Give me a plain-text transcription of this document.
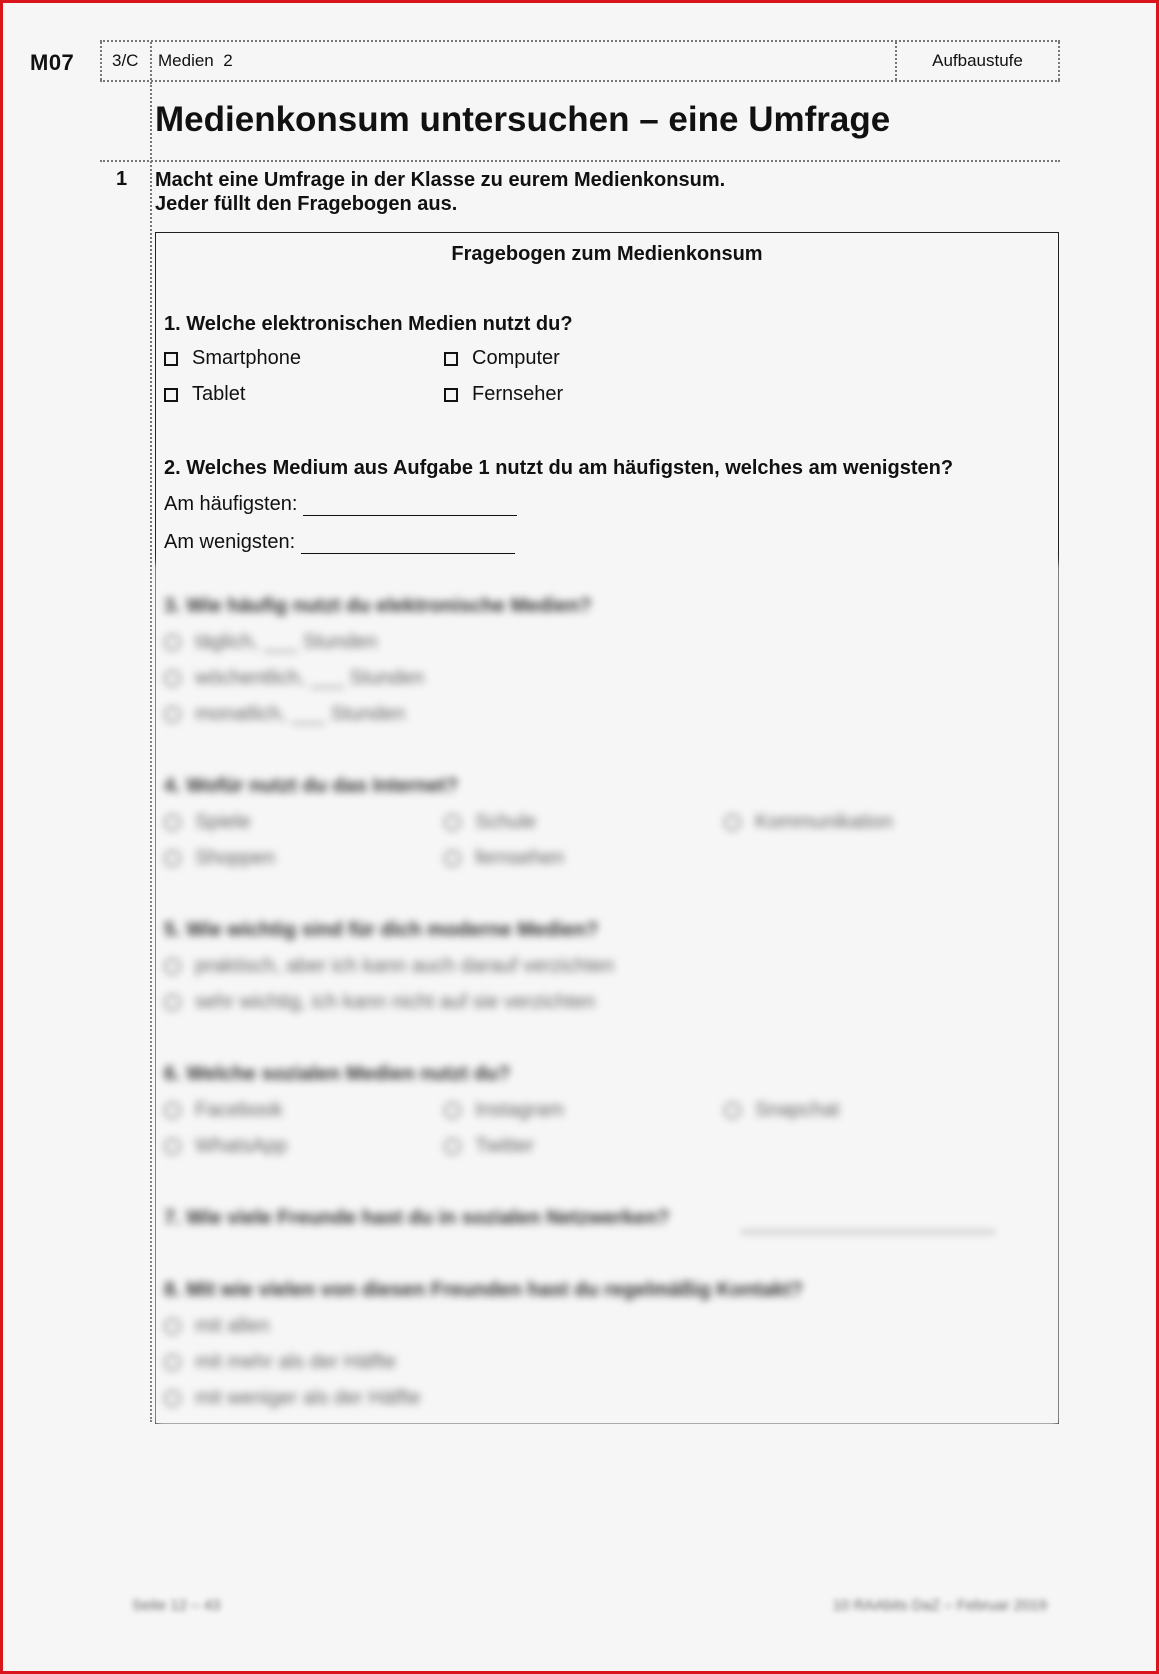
M07	3/C	Medien 2	Aufbaustufe
Medienkonsum untersuchen – eine Umfrage
1 Macht eine Umfrage in der Klasse zu eurem Medienkonsum.
Jeder füllt den Fragebogen aus.
Fragebogen zum Medienkonsum
1. Welche elektronischen Medien nutzt du?
Smartphone	Computer
Tablet	Fernseher
2. Welches Medium aus Aufgabe 1 nutzt du am häufigsten, welches am wenigsten?
Am häufigsten:
Am wenigsten:
3. Wie häufig nutzt du elektronische Medien?
täglich, ___ Stunden
wöchentlich, ___ Stunden
monatlich, ___ Stunden
4. Wofür nutzt du das Internet?
Spiele	Schule	Kommunikation
Shoppen	fernsehen
5. Wie wichtig sind für dich moderne Medien?
praktisch, aber ich kann auch darauf verzichten
sehr wichtig, ich kann nicht auf sie verzichten
6. Welche sozialen Medien nutzt du?
Facebook	Instagram	Snapchat
WhatsApp	Twitter
7. Wie viele Freunde hast du in sozialen Netzwerken?
8. Mit wie vielen von diesen Freunden hast du regelmäßig Kontakt?
mit allen
mit mehr als der Hälfte
mit weniger als der Hälfte
Seite 12 – 43	10 RAAbits DaZ – Februar 2019
